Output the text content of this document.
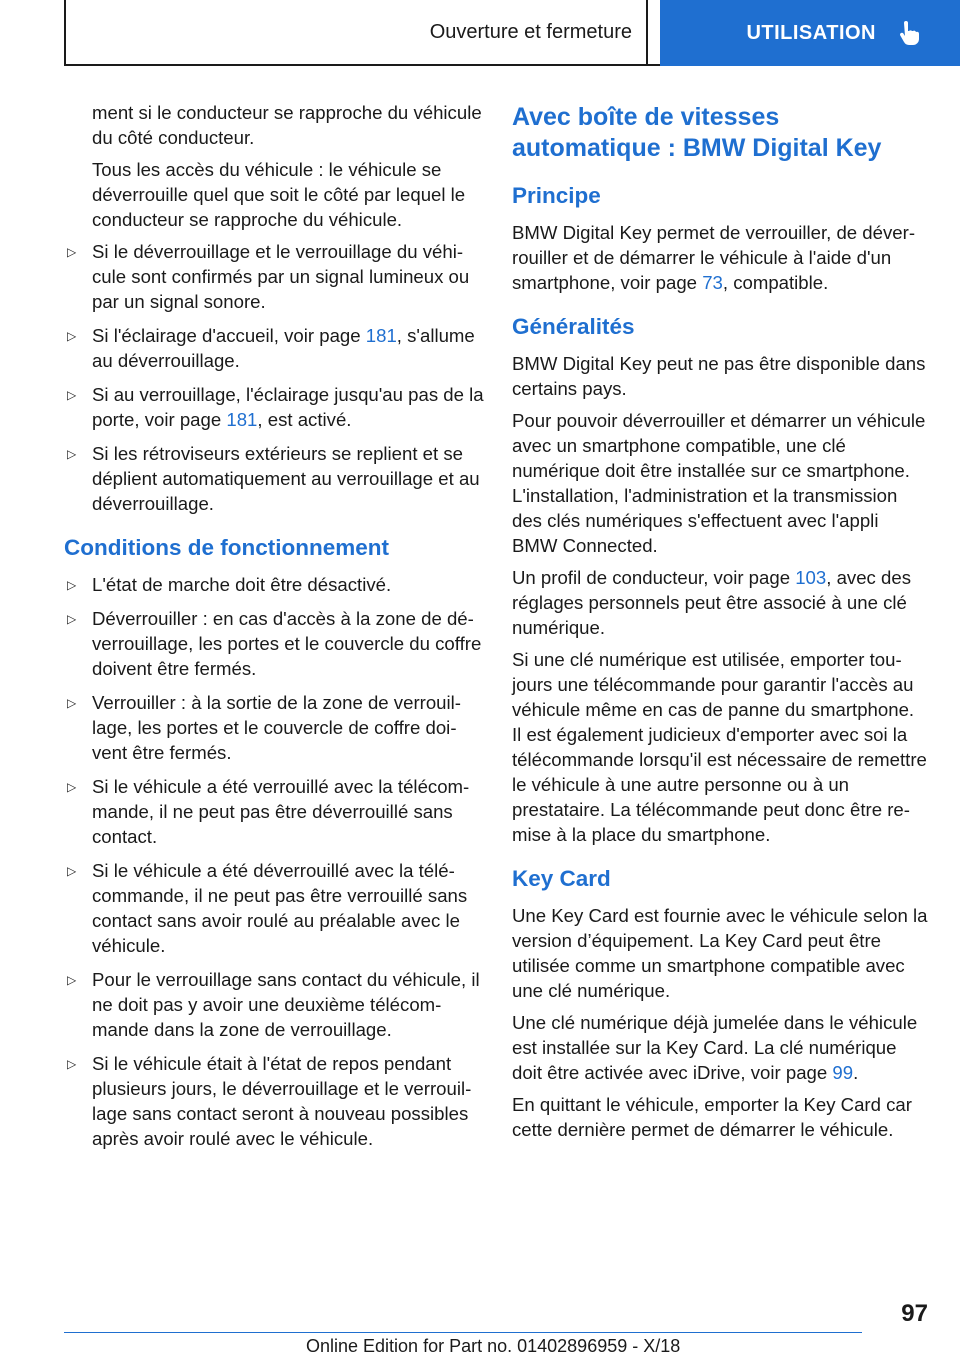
Ouverture et fermeture	UTILISATION

ment si le conducteur se rapproche du véhicule du côté conducteur.

Tous les accès du véhicule : le véhicule se déverrouille quel que soit le côté par lequel le conducteur se rapproche du véhicule.

▷ Si le déverrouillage et le verrouillage du véhicule sont confirmés par un signal lumineux ou par un signal sonore.
▷ Si l'éclairage d'accueil, voir page 181, s'allume au déverrouillage.
▷ Si au verrouillage, l'éclairage jusqu'au pas de la porte, voir page 181, est activé.
▷ Si les rétroviseurs extérieurs se replient et se déplient automatiquement au verrouillage et au déverrouillage.
Conditions de fonctionnement
▷ L'état de marche doit être désactivé.
▷ Déverrouiller : en cas d'accès à la zone de déverrouillage, les portes et le couvercle du coffre doivent être fermés.
▷ Verrouiller : à la sortie de la zone de verrouillage, les portes et le couvercle de coffre doivent être fermés.
▷ Si le véhicule a été verrouillé avec la télécommande, il ne peut pas être déverrouillé sans contact.
▷ Si le véhicule a été déverrouillé avec la télécommande, il ne peut pas être verrouillé sans contact sans avoir roulé au préalable avec le véhicule.
▷ Pour le verrouillage sans contact du véhicule, il ne doit pas y avoir une deuxième télécommande dans la zone de verrouillage.
▷ Si le véhicule était à l'état de repos pendant plusieurs jours, le déverrouillage et le verrouillage sans contact seront à nouveau possibles après avoir roulé avec le véhicule.
Avec boîte de vitesses automatique : BMW Digital Key
Principe

BMW Digital Key permet de verrouiller, de déverrouiller et de démarrer le véhicule à l'aide d'un smartphone, voir page 73, compatible.

Généralités

BMW Digital Key peut ne pas être disponible dans certains pays.

Pour pouvoir déverrouiller et démarrer un véhicule avec un smartphone compatible, une clé numérique doit être installée sur ce smartphone. L'installation, l'administration et la transmission des clés numériques s'effectuent avec l'appli BMW Connected.

Un profil de conducteur, voir page 103, avec des réglages personnels peut être associé à une clé numérique.

Si une clé numérique est utilisée, emporter toujours une télécommande pour garantir l'accès au véhicule même en cas de panne du smartphone. Il est également judicieux d'emporter avec soi la télécommande lorsqu'il est nécessaire de remettre le véhicule à une autre personne ou à un prestataire. La télécommande peut donc être remise à la place du smartphone.

Key Card

Une Key Card est fournie avec le véhicule selon la version d’équipement. La Key Card peut être utilisée comme un smartphone compatible avec une clé numérique.

Une clé numérique déjà jumelée dans le véhicule est installée sur la Key Card. La clé numérique doit être activée avec iDrive, voir page 99.

En quittant le véhicule, emporter la Key Card car cette dernière permet de démarrer le véhicule.

97
Online Edition for Part no. 01402896959 - X/18
